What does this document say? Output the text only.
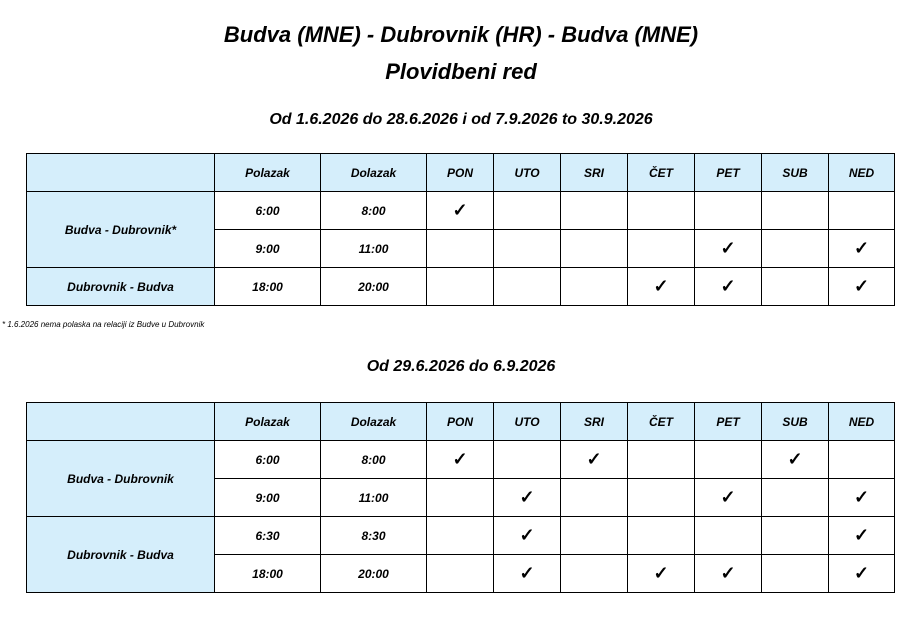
Budva (MNE) - Dubrovnik (HR) - Budva (MNE)
Plovidbeni red
Od 1.6.2026 do 28.6.2026 i od 7.9.2026 to 30.9.2026
	Polazak	Dolazak	PON	UTO	SRI	ČET	PET	SUB	NED
Budva - Dubrovnik*	6:00	8:00	✓						
	9:00	11:00					✓		✓
Dubrovnik - Budva	18:00	20:00				✓	✓		✓
* 1.6.2026 nema polaska na relaciji iz Budve u Dubrovnik
Od 29.6.2026 do 6.9.2026
	Polazak	Dolazak	PON	UTO	SRI	ČET	PET	SUB	NED
Budva - Dubrovnik	6:00	8:00	✓		✓			✓	
	9:00	11:00		✓			✓		✓
Dubrovnik - Budva	6:30	8:30		✓					✓
	18:00	20:00		✓		✓	✓		✓
